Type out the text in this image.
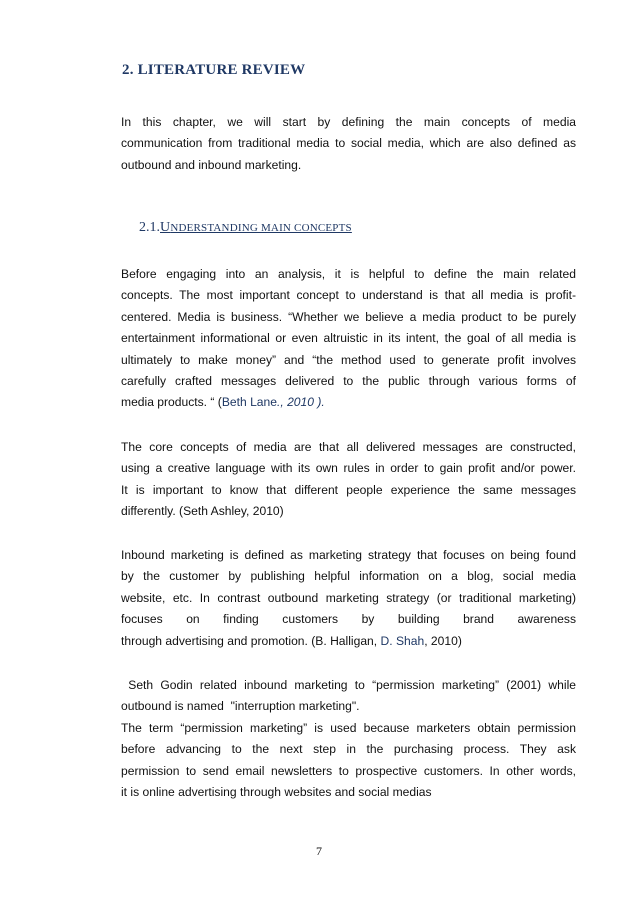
2. LITERATURE REVIEW
In this chapter, we will start by defining the main concepts of media
communication from traditional media to social media, which are also defined as
outbound and inbound marketing.
2.1.UNDERSTANDING MAIN CONCEPTS
Before engaging into an analysis, it is helpful to define the main related
concepts. The most important concept to understand is that all media is profit-
centered. Media is business. “Whether we believe a media product to be purely
entertainment informational or even altruistic in its intent, the goal of all media is
ultimately to make money” and “the method used to generate profit involves
carefully crafted messages delivered to the public through various forms of
media products. “ (Beth Lane., 2010 ).
The core concepts of media are that all delivered messages are constructed,
using a creative language with its own rules in order to gain profit and/or power.
It is important to know that different people experience the same messages
differently. (Seth Ashley, 2010)
Inbound marketing is defined as marketing strategy that focuses on being found
by the customer by publishing helpful information on a blog, social media
website, etc. In contrast outbound marketing strategy (or traditional marketing)
focuses on finding customers by building brand awareness
through advertising and promotion. (B. Halligan, D. Shah, 2010)
Seth Godin related inbound marketing to “permission marketing” (2001) while
outbound is named  "interruption marketing".
The term “permission marketing” is used because marketers obtain permission
before advancing to the next step in the purchasing process. They ask
permission to send email newsletters to prospective customers. In other words,
it is online advertising through websites and social medias
7
